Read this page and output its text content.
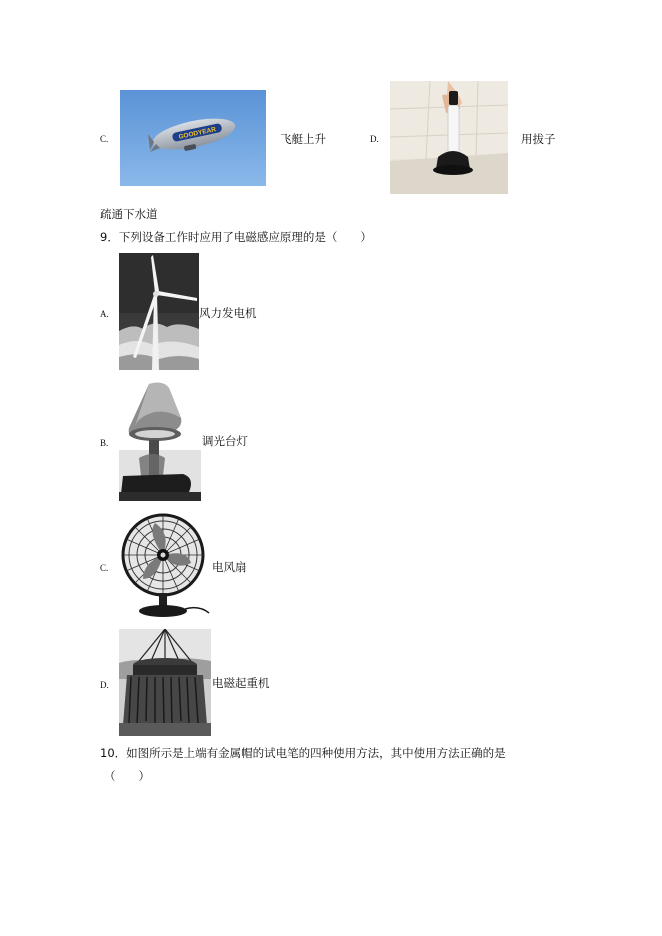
C.	GOODYEAR	飞艇上升	D.	用拔子
疏通下水道
9．下列设备工作时应用了电磁感应原理的是（　　）
A.	风力发电机
B.	调光台灯
C.	电风扇
D.	电磁起重机
10．如图所示是上端有金属帽的试电笔的四种使用方法，其中使用方法正确的是
（　　）
